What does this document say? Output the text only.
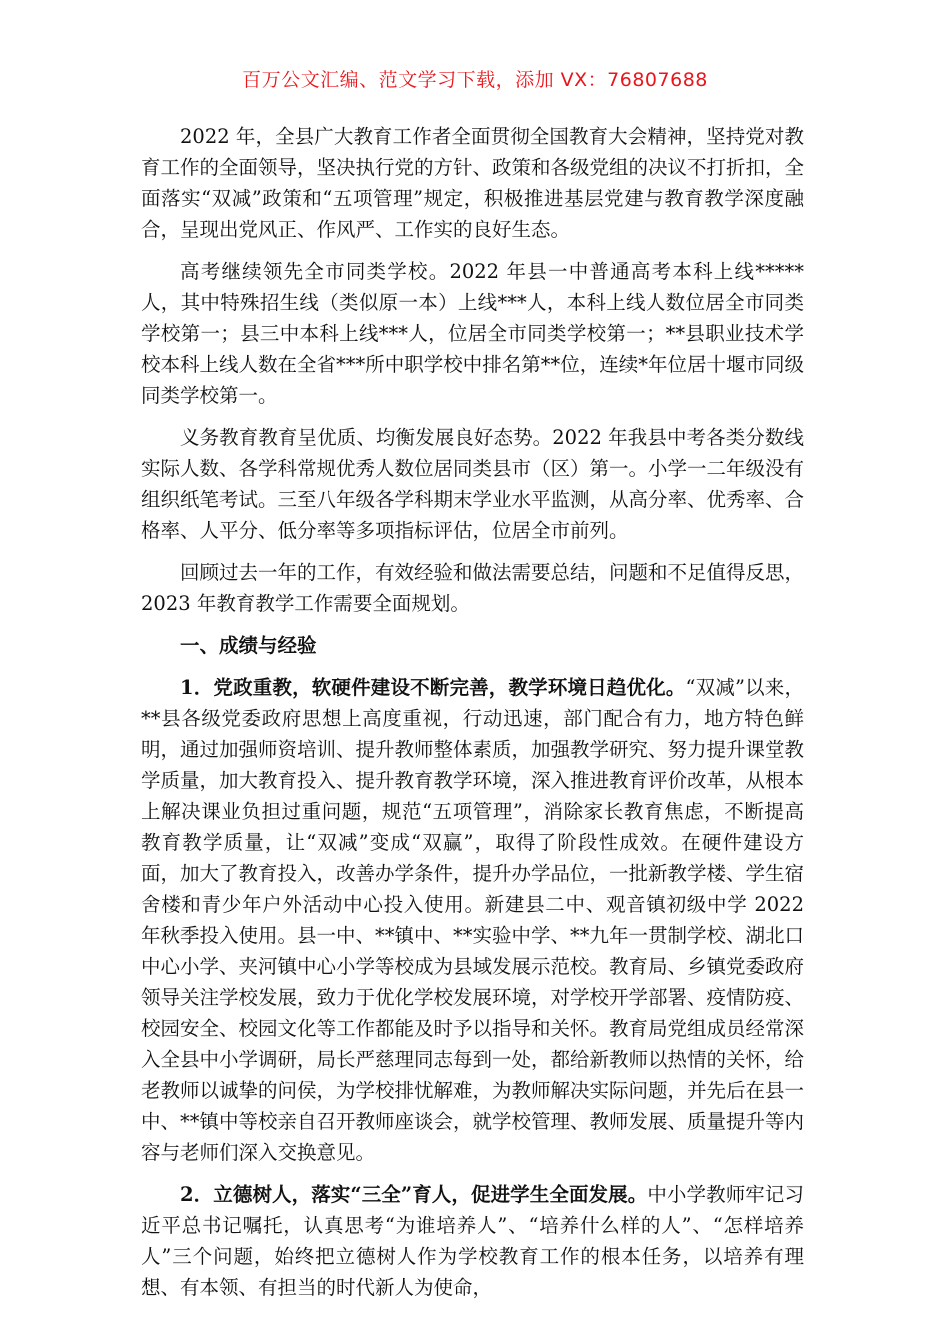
百万公文汇编、范文学习下载，添加 VX：76807688

2022 年，全县广大教育工作者全面贯彻全国教育大会精神，坚持党对教育工作的全面领导，坚决执行党的方针、政策和各级党组的决议不打折扣，全面落实“双减”政策和“五项管理”规定，积极推进基层党建与教育教学深度融合，呈现出党风正、作风严、工作实的良好生态。

高考继续领先全市同类学校。2022 年县一中普通高考本科上线*****人，其中特殊招生线（类似原一本）上线***人，本科上线人数位居全市同类学校第一；县三中本科上线***人，位居全市同类学校第一；**县职业技术学校本科上线人数在全省***所中职学校中排名第**位，连续*年位居十堰市同级同类学校第一。

义务教育教育呈优质、均衡发展良好态势。2022 年我县中考各类分数线实际人数、各学科常规优秀人数位居同类县市（区）第一。小学一二年级没有组织纸笔考试。三至八年级各学科期末学业水平监测，从高分率、优秀率、合格率、人平分、低分率等多项指标评估，位居全市前列。

回顾过去一年的工作，有效经验和做法需要总结，问题和不足值得反思，2023 年教育教学工作需要全面规划。

一、成绩与经验

1．党政重教，软硬件建设不断完善，教学环境日趋优化。“双减”以来，**县各级党委政府思想上高度重视，行动迅速，部门配合有力，地方特色鲜明，通过加强师资培训、提升教师整体素质，加强教学研究、努力提升课堂教学质量，加大教育投入、提升教育教学环境，深入推进教育评价改革，从根本上解决课业负担过重问题，规范“五项管理”，消除家长教育焦虑，不断提高教育教学质量，让“双减”变成“双赢”，取得了阶段性成效。在硬件建设方面，加大了教育投入，改善办学条件，提升办学品位，一批新教学楼、学生宿舍楼和青少年户外活动中心投入使用。新建县二中、观音镇初级中学 2022 年秋季投入使用。县一中、**镇中、**实验中学、**九年一贯制学校、湖北口中心小学、夹河镇中心小学等校成为县域发展示范校。教育局、乡镇党委政府领导关注学校发展，致力于优化学校发展环境，对学校开学部署、疫情防疫、校园安全、校园文化等工作都能及时予以指导和关怀。教育局党组成员经常深入全县中小学调研，局长严慈理同志每到一处，都给新教师以热情的关怀，给老教师以诚挚的问侯，为学校排忧解难，为教师解决实际问题，并先后在县一中、**镇中等校亲自召开教师座谈会，就学校管理、教师发展、质量提升等内容与老师们深入交换意见。

2．立德树人，落实“三全”育人，促进学生全面发展。中小学教师牢记习近平总书记嘱托，认真思考“为谁培养人”、“培养什么样的人”、“怎样培养人”三个问题，始终把立德树人作为学校教育工作的根本任务，以培养有理想、有本领、有担当的时代新人为使命，
